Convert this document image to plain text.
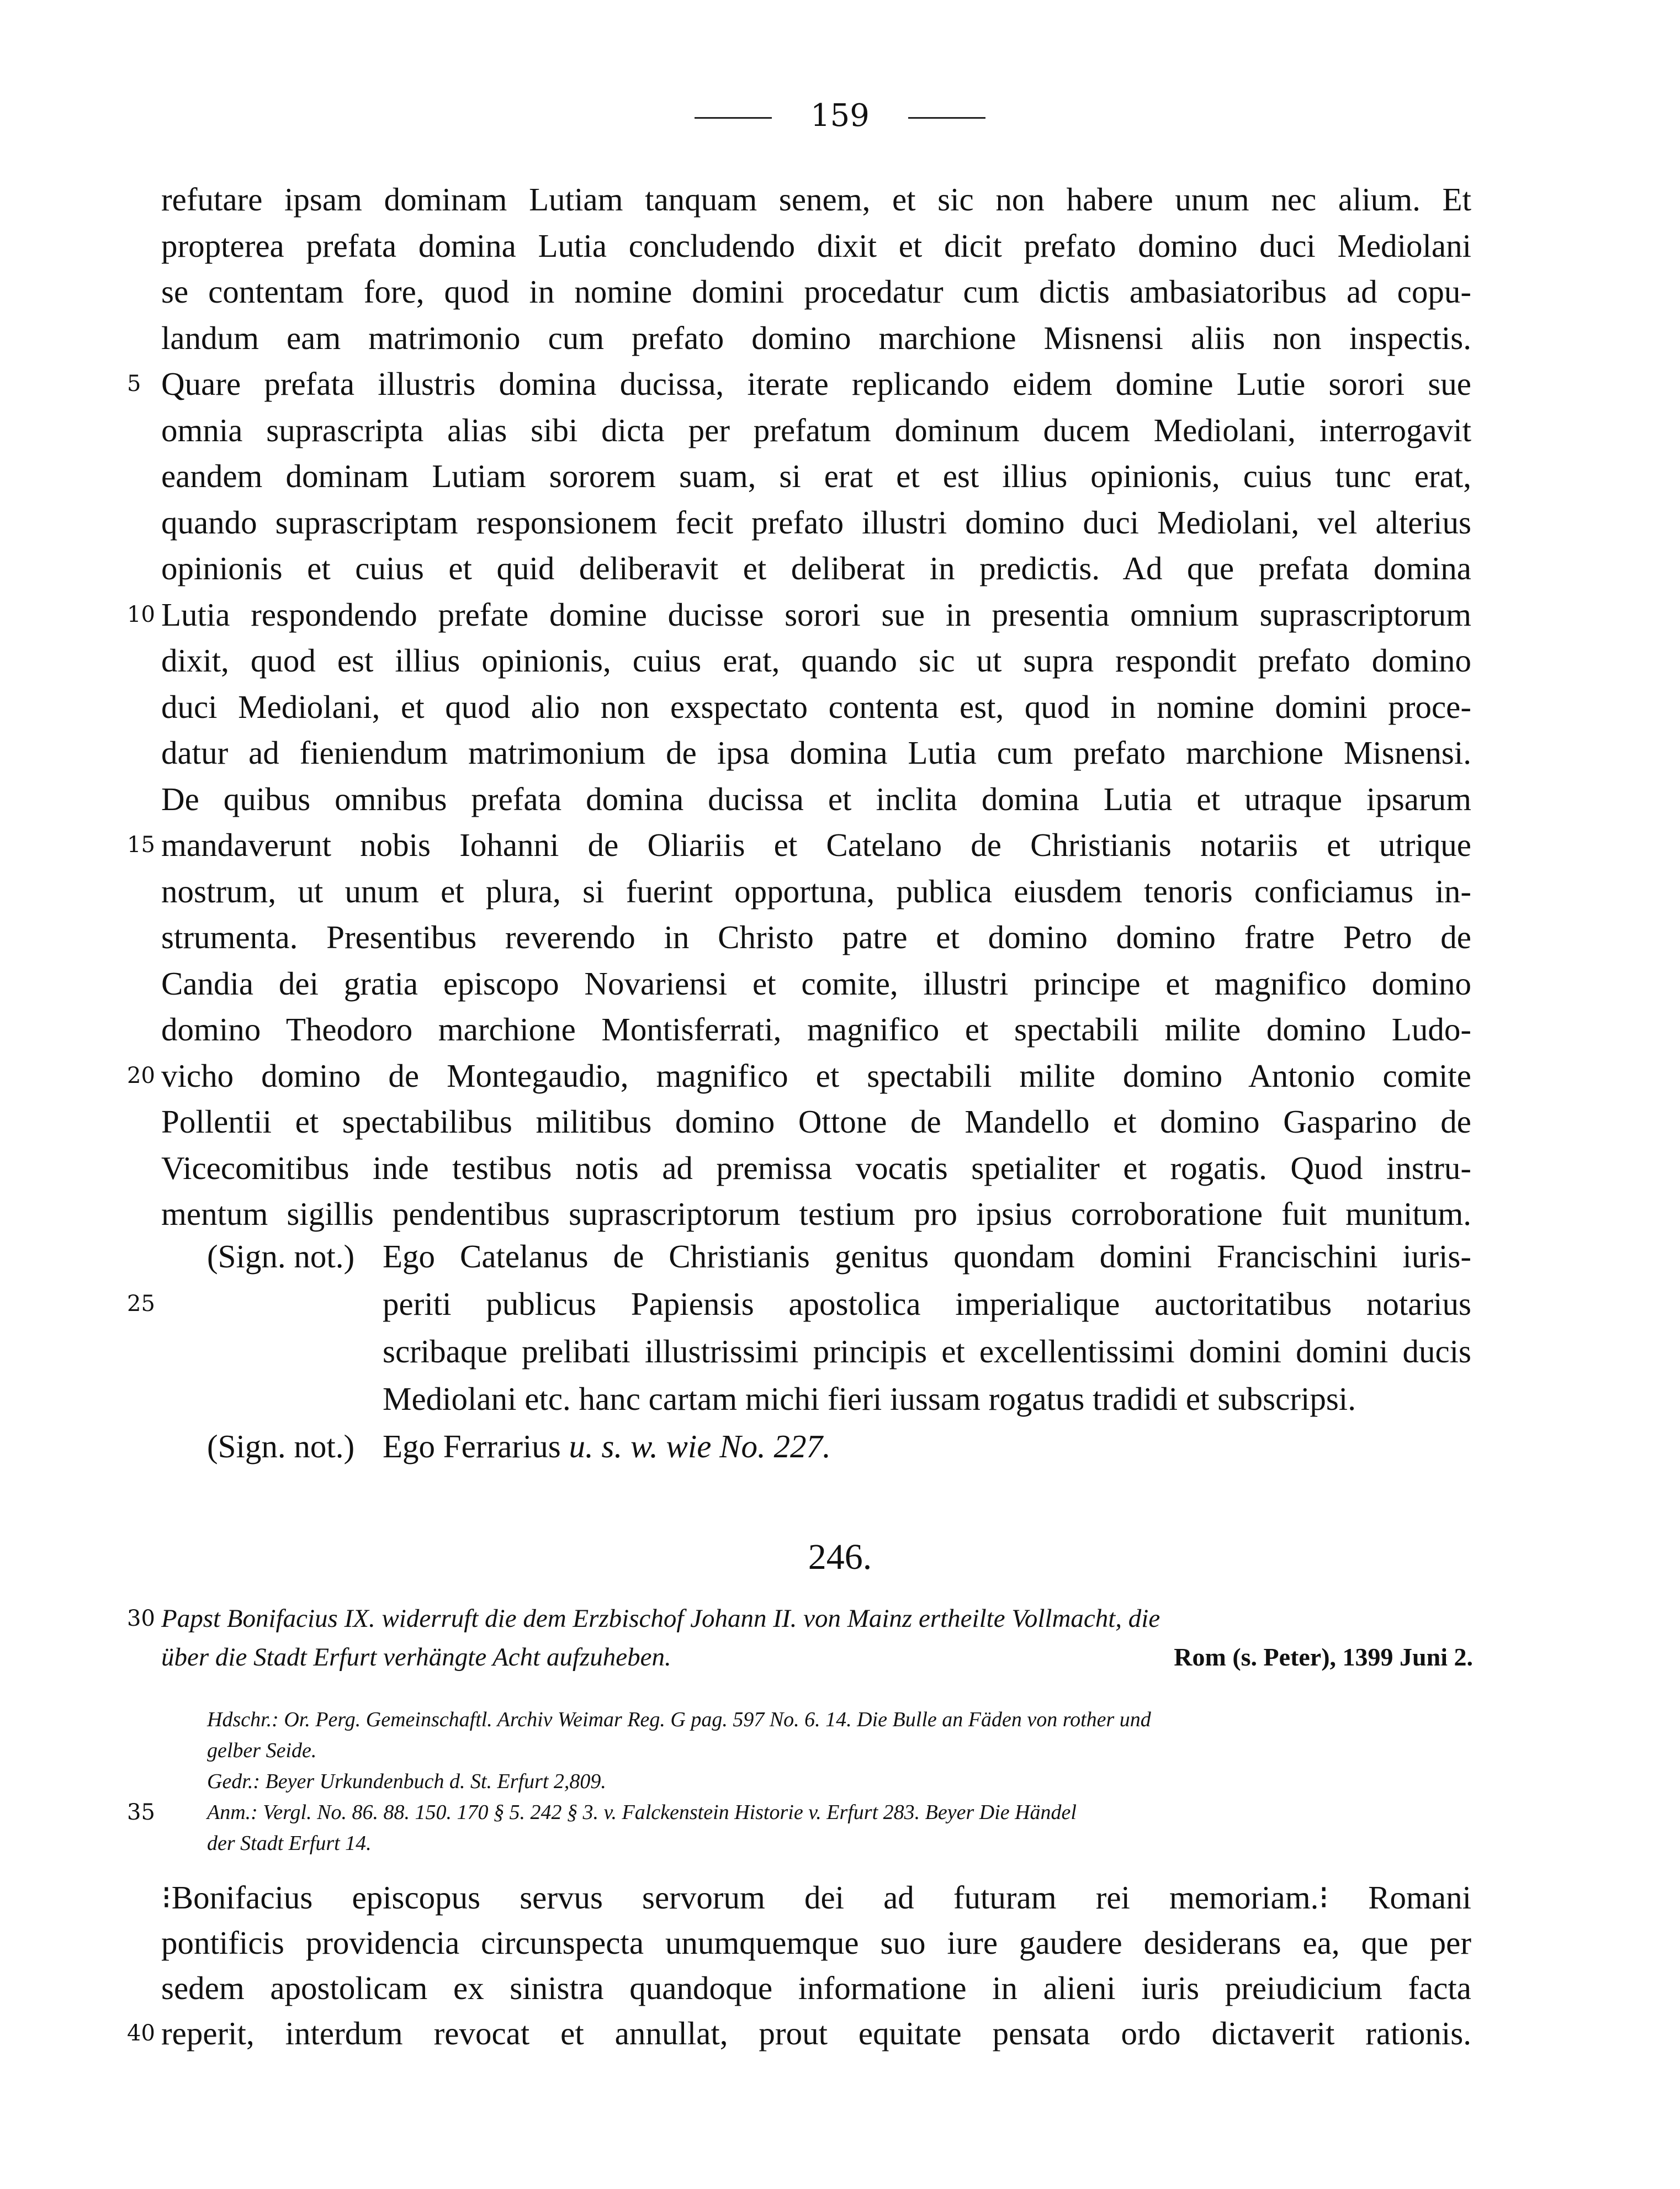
159
refutare ipsam dominam Lutiam tanquam senem, et sic non habere unum nec alium. Et
propterea prefata domina Lutia concludendo dixit et dicit prefato domino duci Mediolani
se contentam fore, quod in nomine domini procedatur cum dictis ambasiatoribus ad copu-
landum eam matrimonio cum prefato domino marchione Misnensi aliis non inspectis.
5 Quare prefata illustris domina ducissa, iterate replicando eidem domine Lutie sorori sue
omnia suprascripta alias sibi dicta per prefatum dominum ducem Mediolani, interrogavit
eandem dominam Lutiam sororem suam, si erat et est illius opinionis, cuius tunc erat,
quando suprascriptam responsionem fecit prefato illustri domino duci Mediolani, vel alterius
opinionis et cuius et quid deliberavit et deliberat in predictis. Ad que prefata domina
10 Lutia respondendo prefate domine ducisse sorori sue in presentia omnium suprascriptorum
dixit, quod est illius opinionis, cuius erat, quando sic ut supra respondit prefato domino
duci Mediolani, et quod alio non exspectato contenta est, quod in nomine domini proce-
datur ad fieniendum matrimonium de ipsa domina Lutia cum prefato marchione Misnensi.
De quibus omnibus prefata domina ducissa et inclita domina Lutia et utraque ipsarum
15 mandaverunt nobis Iohanni de Oliariis et Catelano de Christianis notariis et utrique
nostrum, ut unum et plura, si fuerint opportuna, publica eiusdem tenoris conficiamus in-
strumenta. Presentibus reverendo in Christo patre et domino domino fratre Petro de
Candia dei gratia episcopo Novariensi et comite, illustri principe et magnifico domino
domino Theodoro marchione Montisferrati, magnifico et spectabili milite domino Ludo-
20 vicho domino de Montegaudio, magnifico et spectabili milite domino Antonio comite
Pollentii et spectabilibus militibus domino Ottone de Mandello et domino Gasparino de
Vicecomitibus inde testibus notis ad premissa vocatis spetialiter et rogatis. Quod instru-
mentum sigillis pendentibus suprascriptorum testium pro ipsius corroboratione fuit munitum.
(Sign. not.)
25
Ego Catelanus de Christianis genitus quondam domini Francischini iuris-
periti publicus Papiensis apostolica imperialique auctoritatibus notarius
scribaque prelibati illustrissimi principis et excellentissimi domini domini ducis
Mediolani etc. hanc cartam michi fieri iussam rogatus tradidi et subscripsi.
(Sign. not.) Ego Ferrarius u. s. w. wie No. 227.
246.
30 Papst Bonifacius IX. widerruft die dem Erzbischof Johann II. von Mainz ertheilte Vollmacht, die
über die Stadt Erfurt verhängte Acht aufzuheben.	Rom (s. Peter), 1399 Juni 2.
Hdschr.: Or. Perg. Gemeinschaftl. Archiv Weimar Reg. G pag. 597 No. 6. 14. Die Bulle an Fäden von rother und
gelber Seide.
Gedr.: Beyer Urkundenbuch d. St. Erfurt 2,809.
35	Anm.: Vergl. No. 86. 88. 150. 170 § 5. 242 § 3. v. Falckenstein Historie v. Erfurt 283. Beyer Die Händel
der Stadt Erfurt 14.
⁝Bonifacius episcopus servus servorum dei ad futuram rei memoriam.⁝ Romani
pontificis providencia circunspecta unumquemque suo iure gaudere desiderans ea, que per
sedem apostolicam ex sinistra quandoque informatione in alieni iuris preiudicium facta
40 reperit, interdum revocat et annullat, prout equitate pensata ordo dictaverit rationis.
